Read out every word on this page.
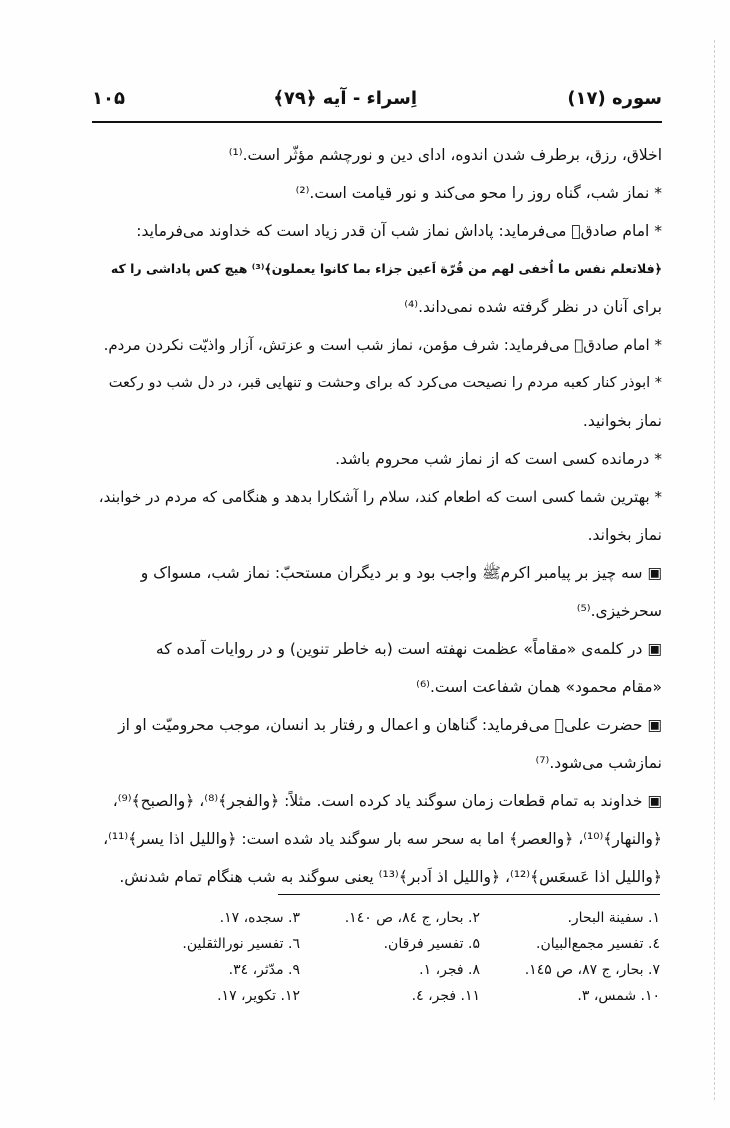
سوره (۱۷)
اِسراء - آیه ﴿۷۹﴾
۱۰۵
اخلاق، رزق، برطرف شدن اندوه، ادای دین و نورچشم مؤثّر است.⁽¹⁾
* نماز شب، گناه روز را محو می‌کند و نور قیامت است.⁽²⁾
* امام صادقؑ می‌فرماید: پاداش نماز شب آن قدر زیاد است که خداوند می‌فرماید:
﴿فلاتعلم نفس ما اُخفی لهم من قُرّة اَعین جزاء بما کانوا یعملون﴾⁽³⁾ هیچ کس پاداشی را که
برای آنان در نظر گرفته شده نمی‌داند.⁽⁴⁾
* امام صادقؑ می‌فرماید: شرف مؤمن، نماز شب است و عزتش، آزار واذیّت نکردن مردم.
* ابوذر کنار کعبه مردم را نصیحت می‌کرد که برای وحشت و تنهایی قبر، در دل شب دو رکعت
نماز بخوانید.
* درمانده کسی است که از نماز شب محروم باشد.
* بهترین شما کسی است که اطعام کند، سلام را آشکارا بدهد و هنگامی که مردم در خوابند،
نماز بخواند.
▣ سه چیز بر پیامبر اکرمﷺ واجب بود و بر دیگران مستحبّ: نماز شب، مسواک و
سحرخیزی.⁽⁵⁾
▣ در کلمه‌ی «مقاماً» عظمت نهفته است (به خاطر تنوین) و در روایات آمده که
«مقام محمود» همان شفاعت است.⁽⁶⁾
▣ حضرت علیؑ می‌فرماید: گناهان و اعمال و رفتار بد انسان، موجب محرومیّت او از
نمازشب می‌شود.⁽⁷⁾
▣ خداوند به تمام قطعات زمان سوگند یاد کرده است. مثلاً: ﴿والفجر﴾⁽⁸⁾، ﴿والصبح﴾⁽⁹⁾،
﴿والنهار﴾⁽¹⁰⁾، ﴿والعصر﴾ اما به سحر سه بار سوگند یاد شده است: ﴿واللیل اذا یسر﴾⁽¹¹⁾،
﴿واللیل اذا عَسعَس﴾⁽¹²⁾، ﴿واللیل اذ اَدبر﴾⁽¹³⁾ یعنی سوگند به شب هنگام تمام شدنش.
۱. سفینة البحار.
۲. بحار، ج ۸٤، ص ۱٤۰.
۳. سجده، ۱۷.
٤. تفسیر مجمع‌البیان.
۵. تفسیر فرقان.
٦. تفسیر نورالثقلین.
۷. بحار، ج ۸۷، ص ۱٤۵.
۸. فجر، ۱.
۹. مدّثر، ۳٤.
۱۰. شمس، ۳.
۱۱. فجر، ٤.
۱۲. تکویر، ۱۷.
